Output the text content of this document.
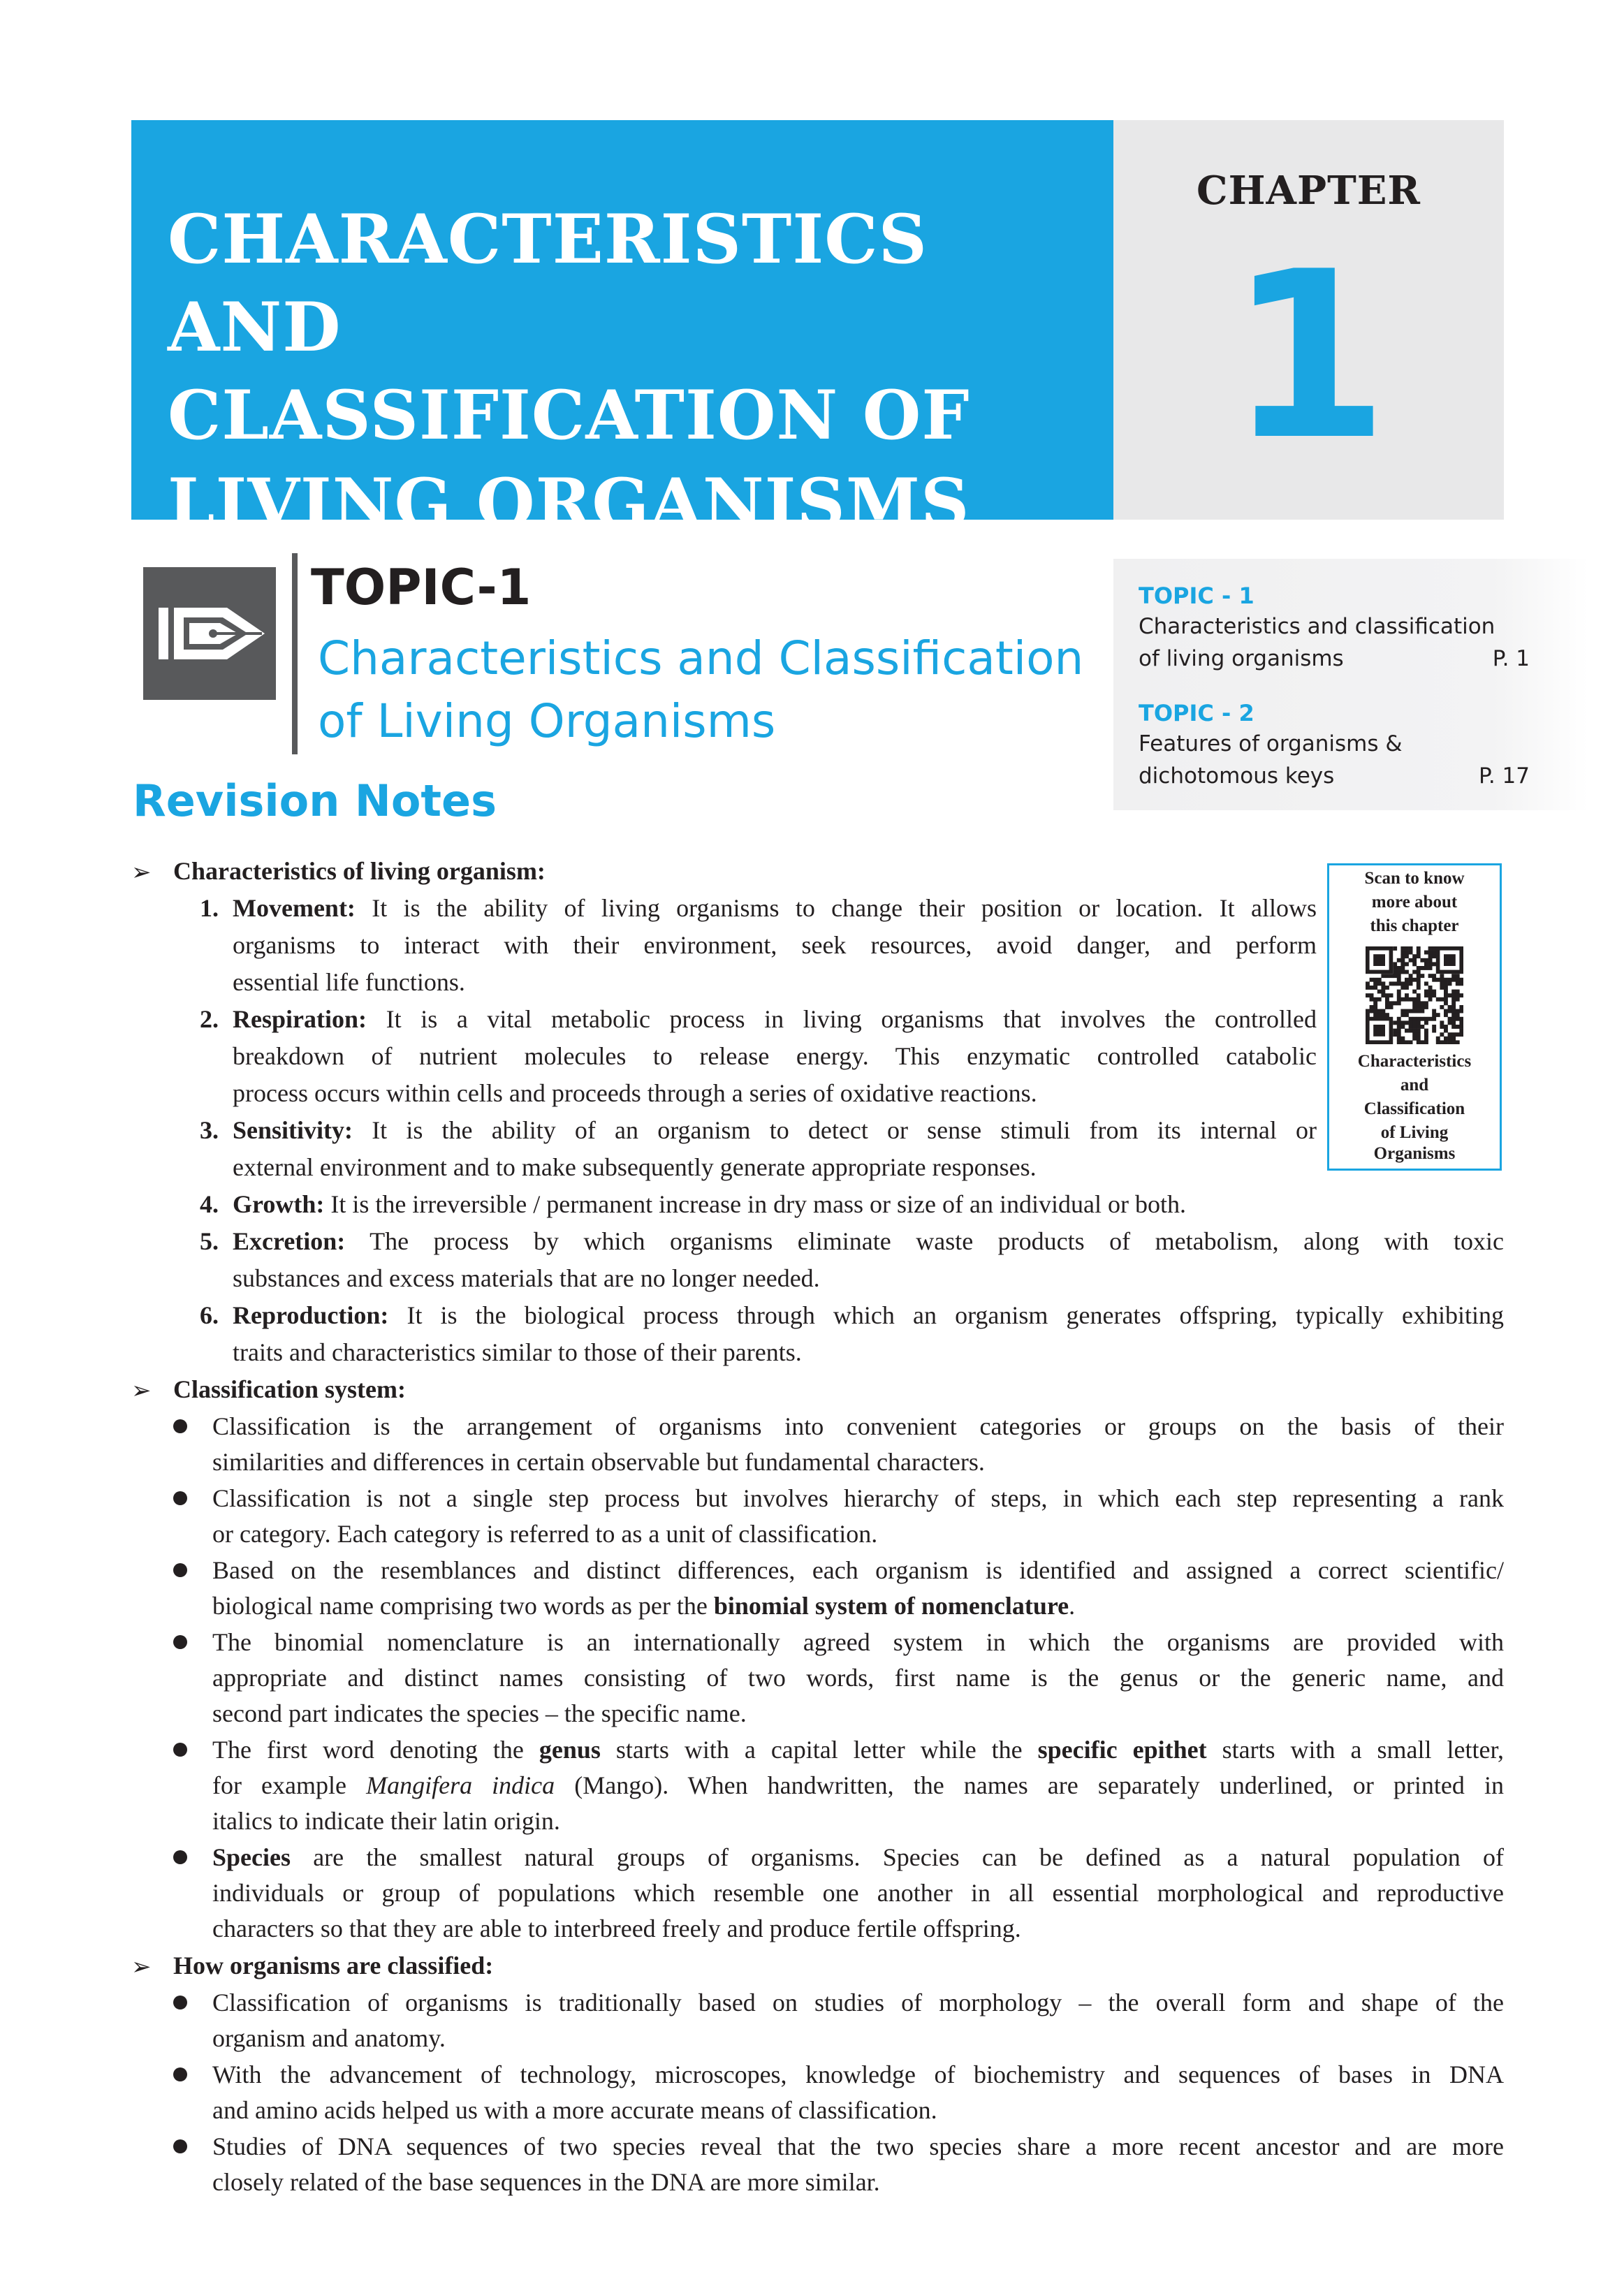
CHARACTERISTICS AND
CLASSIFICATION OF
LIVING ORGANISMS
CHAPTER
1
TOPIC-1
Characteristics and Classification
of Living Organisms
Revision Notes
TOPIC - 1
Characteristics and classification
of living organisms	P. 1
TOPIC - 2
Features of organisms &
dichotomous keys	P. 17
Scan to know
more about
this chapter
Characteristics
and
Classification
of Living
Organisms
➢ Characteristics of living organism:
1. Movement: It is the ability of living organisms to change their position or location. It allows
organisms to interact with their environment, seek resources, avoid danger, and perform
essential life functions.
2. Respiration: It is a vital metabolic process in living organisms that involves the controlled
breakdown of nutrient molecules to release energy. This enzymatic controlled catabolic
process occurs within cells and proceeds through a series of oxidative reactions.
3. Sensitivity: It is the ability of an organism to detect or sense stimuli from its internal or
external environment and to make subsequently generate appropriate responses.
4. Growth: It is the irreversible / permanent increase in dry mass or size of an individual or both.
5. Excretion: The process by which organisms eliminate waste products of metabolism, along with toxic
substances and excess materials that are no longer needed.
6. Reproduction: It is the biological process through which an organism generates offspring, typically exhibiting
traits and characteristics similar to those of their parents.
➢ Classification system:
Classification is the arrangement of organisms into convenient categories or groups on the basis of their
similarities and differences in certain observable but fundamental characters.
Classification is not a single step process but involves hierarchy of steps, in which each step representing a rank
or category. Each category is referred to as a unit of classification.
Based on the resemblances and distinct differences, each organism is identified and assigned a correct scientific/
biological name comprising two words as per the binomial system of nomenclature.
The binomial nomenclature is an internationally agreed system in which the organisms are provided with
appropriate and distinct names consisting of two words, first name is the genus or the generic name, and
second part indicates the species – the specific name.
The first word denoting the genus starts with a capital letter while the specific epithet starts with a small letter,
for example Mangifera indica (Mango). When handwritten, the names are separately underlined, or printed in
italics to indicate their latin origin.
Species are the smallest natural groups of organisms. Species can be defined as a natural population of
individuals or group of populations which resemble one another in all essential morphological and reproductive
characters so that they are able to interbreed freely and produce fertile offspring.
➢ How organisms are classified:
Classification of organisms is traditionally based on studies of morphology – the overall form and shape of the
organism and anatomy.
With the advancement of technology, microscopes, knowledge of biochemistry and sequences of bases in DNA
and amino acids helped us with a more accurate means of classification.
Studies of DNA sequences of two species reveal that the two species share a more recent ancestor and are more
closely related of the base sequences in the DNA are more similar.
